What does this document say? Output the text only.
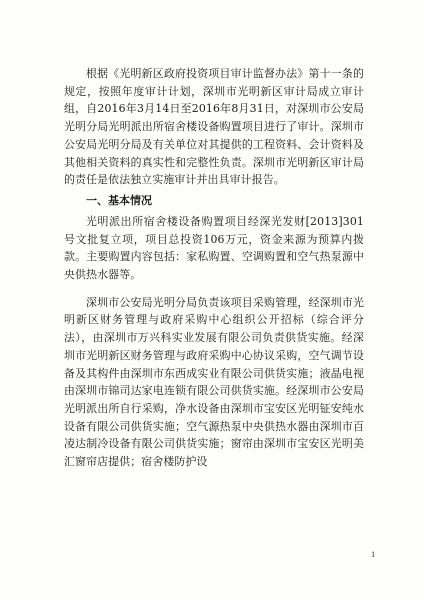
根据《光明新区政府投资项目审计监督办法》第十一条的规定，按照年度审计计划，深圳市光明新区审计局成立审计组，自2016年3月14日至2016年8月31日，对深圳市公安局光明分局光明派出所宿舍楼设备购置项目进行了审计。深圳市公安局光明分局及有关单位对其提供的工程资料、会计资料及其他相关资料的真实性和完整性负责。深圳市光明新区审计局的责任是依法独立实施审计并出具审计报告。

一、基本情况

光明派出所宿舍楼设备购置项目经深光发财[2013]301号文批复立项，项目总投资106万元，资金来源为预算内拨款。主要购置内容包括：家私购置、空调购置和空气热泵源中央供热水器等。

深圳市公安局光明分局负责该项目采购管理，经深圳市光明新区财务管理与政府采购中心组织公开招标（综合评分法），由深圳市万兴科实业发展有限公司负责供货实施。经深圳市光明新区财务管理与政府采购中心协议采购，空气调节设备及其构件由深圳市东西成实业有限公司供货实施；液晶电视由深圳市锦司达家电连锁有限公司供货实施。经深圳市公安局光明派出所自行采购，净水设备由深圳市宝安区光明钲安纯水设备有限公司供货实施；空气源热泵中央供热水器由深圳市百凌达制冷设备有限公司供货实施；窗帘由深圳市宝安区光明美汇窗帘店提供；宿舍楼防护设

1
